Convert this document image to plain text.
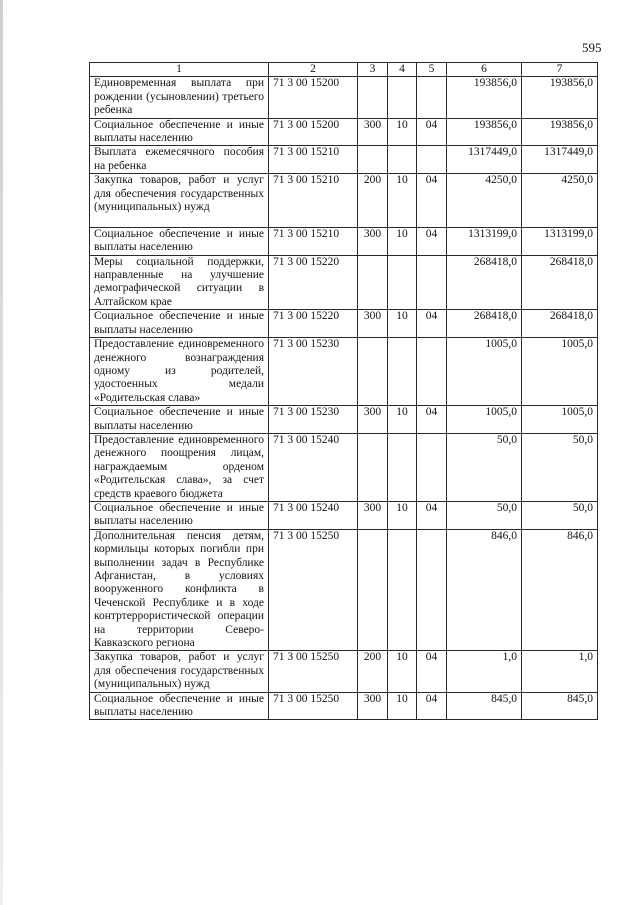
595
1	2	3	4	5	6	7
Единовременная выплата при рождении (усыновлении) третьего ребенка	71 3 00 15200				193856,0	193856,0
Социальное обеспечение и иные выплаты населению	71 3 00 15200	300	10	04	193856,0	193856,0
Выплата ежемесячного пособия на ребенка	71 3 00 15210				1317449,0	1317449,0
Закупка товаров, работ и услуг для обеспечения государственных (муниципальных) нужд	71 3 00 15210	200	10	04	4250,0	4250,0
Социальное обеспечение и иные выплаты населению	71 3 00 15210	300	10	04	1313199,0	1313199,0
Меры социальной поддержки, направленные на улучшение демографической ситуации в Алтайском крае	71 3 00 15220				268418,0	268418,0
Социальное обеспечение и иные выплаты населению	71 3 00 15220	300	10	04	268418,0	268418,0
Предоставление единовременного денежного вознаграждения одному из родителей, удостоенных медали «Родительская слава»	71 3 00 15230				1005,0	1005,0
Социальное обеспечение и иные выплаты населению	71 3 00 15230	300	10	04	1005,0	1005,0
Предоставление единовременного денежного поощрения лицам, награждаемым орденом «Родительская слава», за счет средств краевого бюджета	71 3 00 15240				50,0	50,0
Социальное обеспечение и иные выплаты населению	71 3 00 15240	300	10	04	50,0	50,0
Дополнительная пенсия детям, кормильцы которых погибли при выполнении задач в Республике Афганистан, в условиях вооруженного конфликта в Чеченской Республике и в ходе контртеррористической операции на территории Северо-Кавказского региона	71 3 00 15250				846,0	846,0
Закупка товаров, работ и услуг для обеспечения государственных (муниципальных) нужд	71 3 00 15250	200	10	04	1,0	1,0
Социальное обеспечение и иные выплаты населению	71 3 00 15250	300	10	04	845,0	845,0
